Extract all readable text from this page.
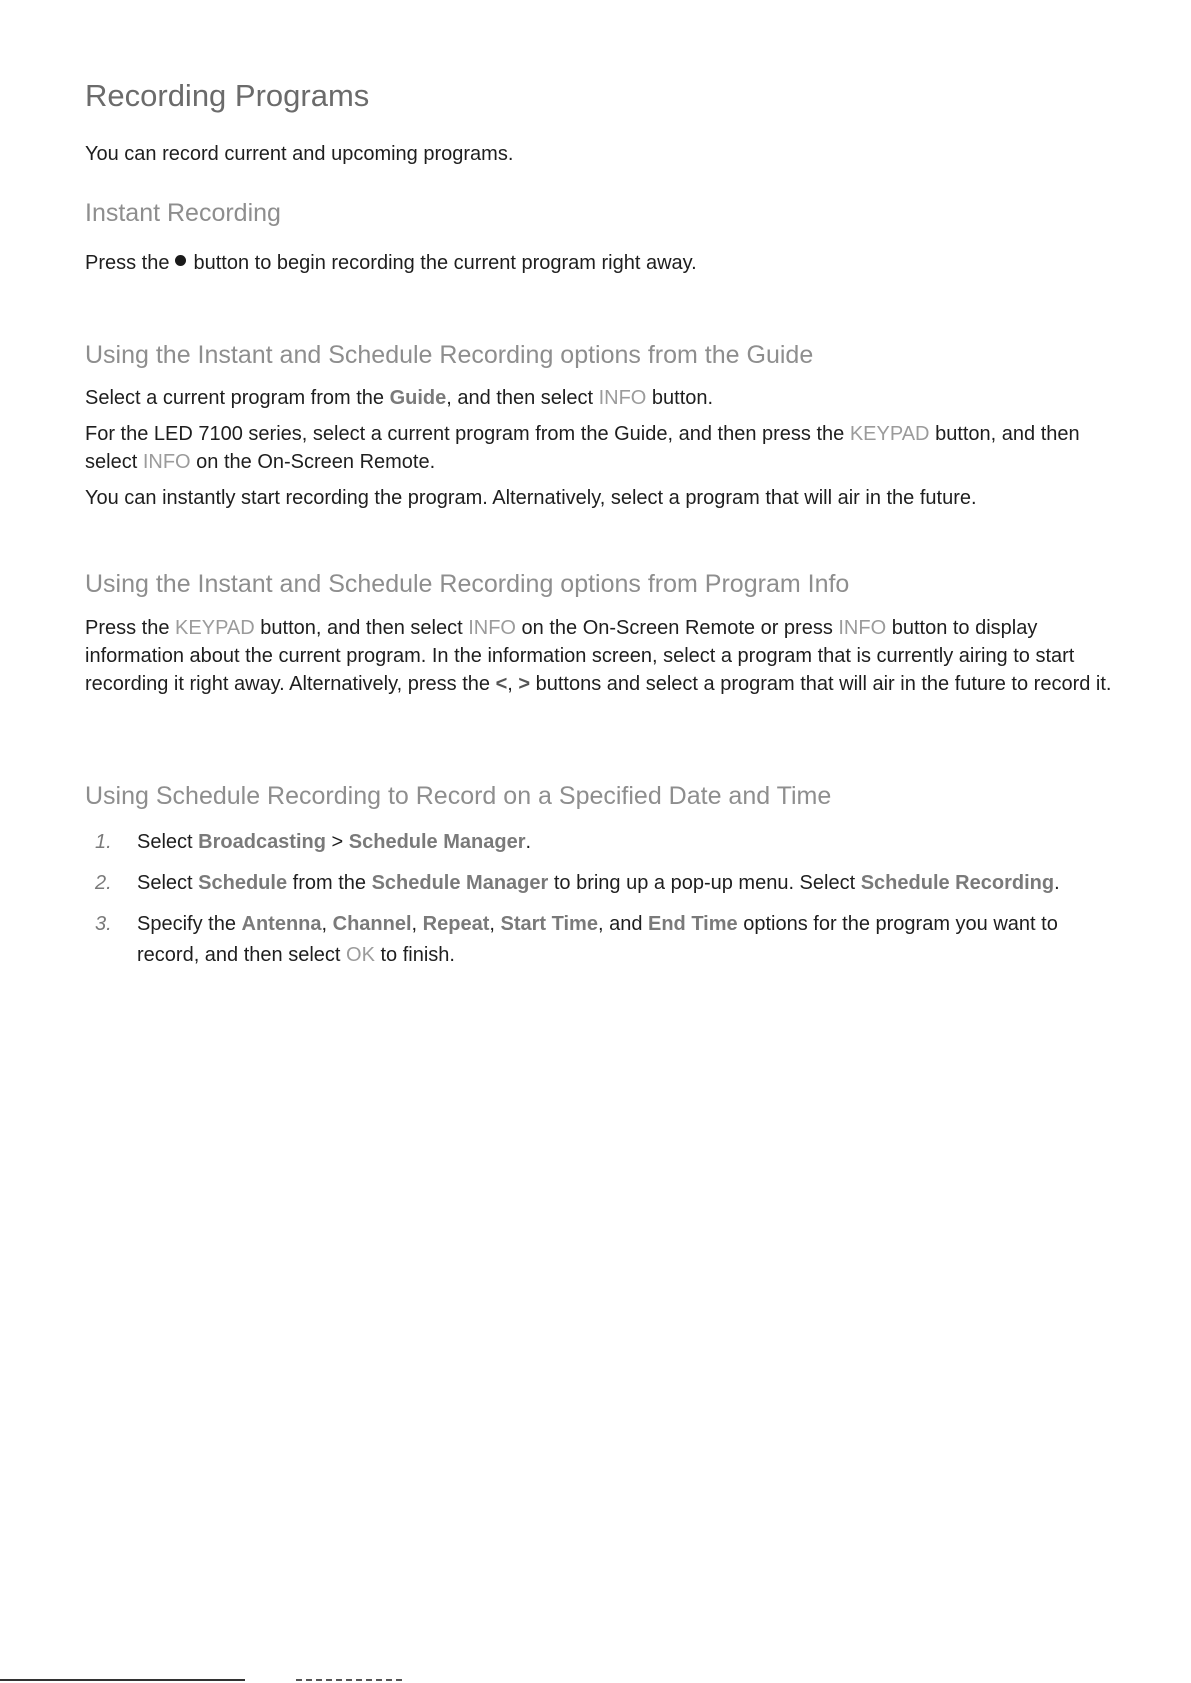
Recording Programs

You can record current and upcoming programs.

Instant Recording

Press the button to begin recording the current program right away.

Using the Instant and Schedule Recording options from the Guide

Select a current program from the Guide, and then select INFO button.

For the LED 7100 series, select a current program from the Guide, and then press the KEYPAD button, and then select INFO on the On-Screen Remote.

You can instantly start recording the program. Alternatively, select a program that will air in the future.

Using the Instant and Schedule Recording options from Program Info

Press the KEYPAD button, and then select INFO on the On-Screen Remote or press INFO button to display information about the current program. In the information screen, select a program that is currently airing to start recording it right away. Alternatively, press the <, > buttons and select a program that will air in the future to record it.

Using Schedule Recording to Record on a Specified Date and Time
1. Select Broadcasting > Schedule Manager.
2. Select Schedule from the Schedule Manager to bring up a pop-up menu. Select Schedule Recording.
3. Specify the Antenna, Channel, Repeat, Start Time, and End Time options for the program you want to record, and then select OK to finish.
